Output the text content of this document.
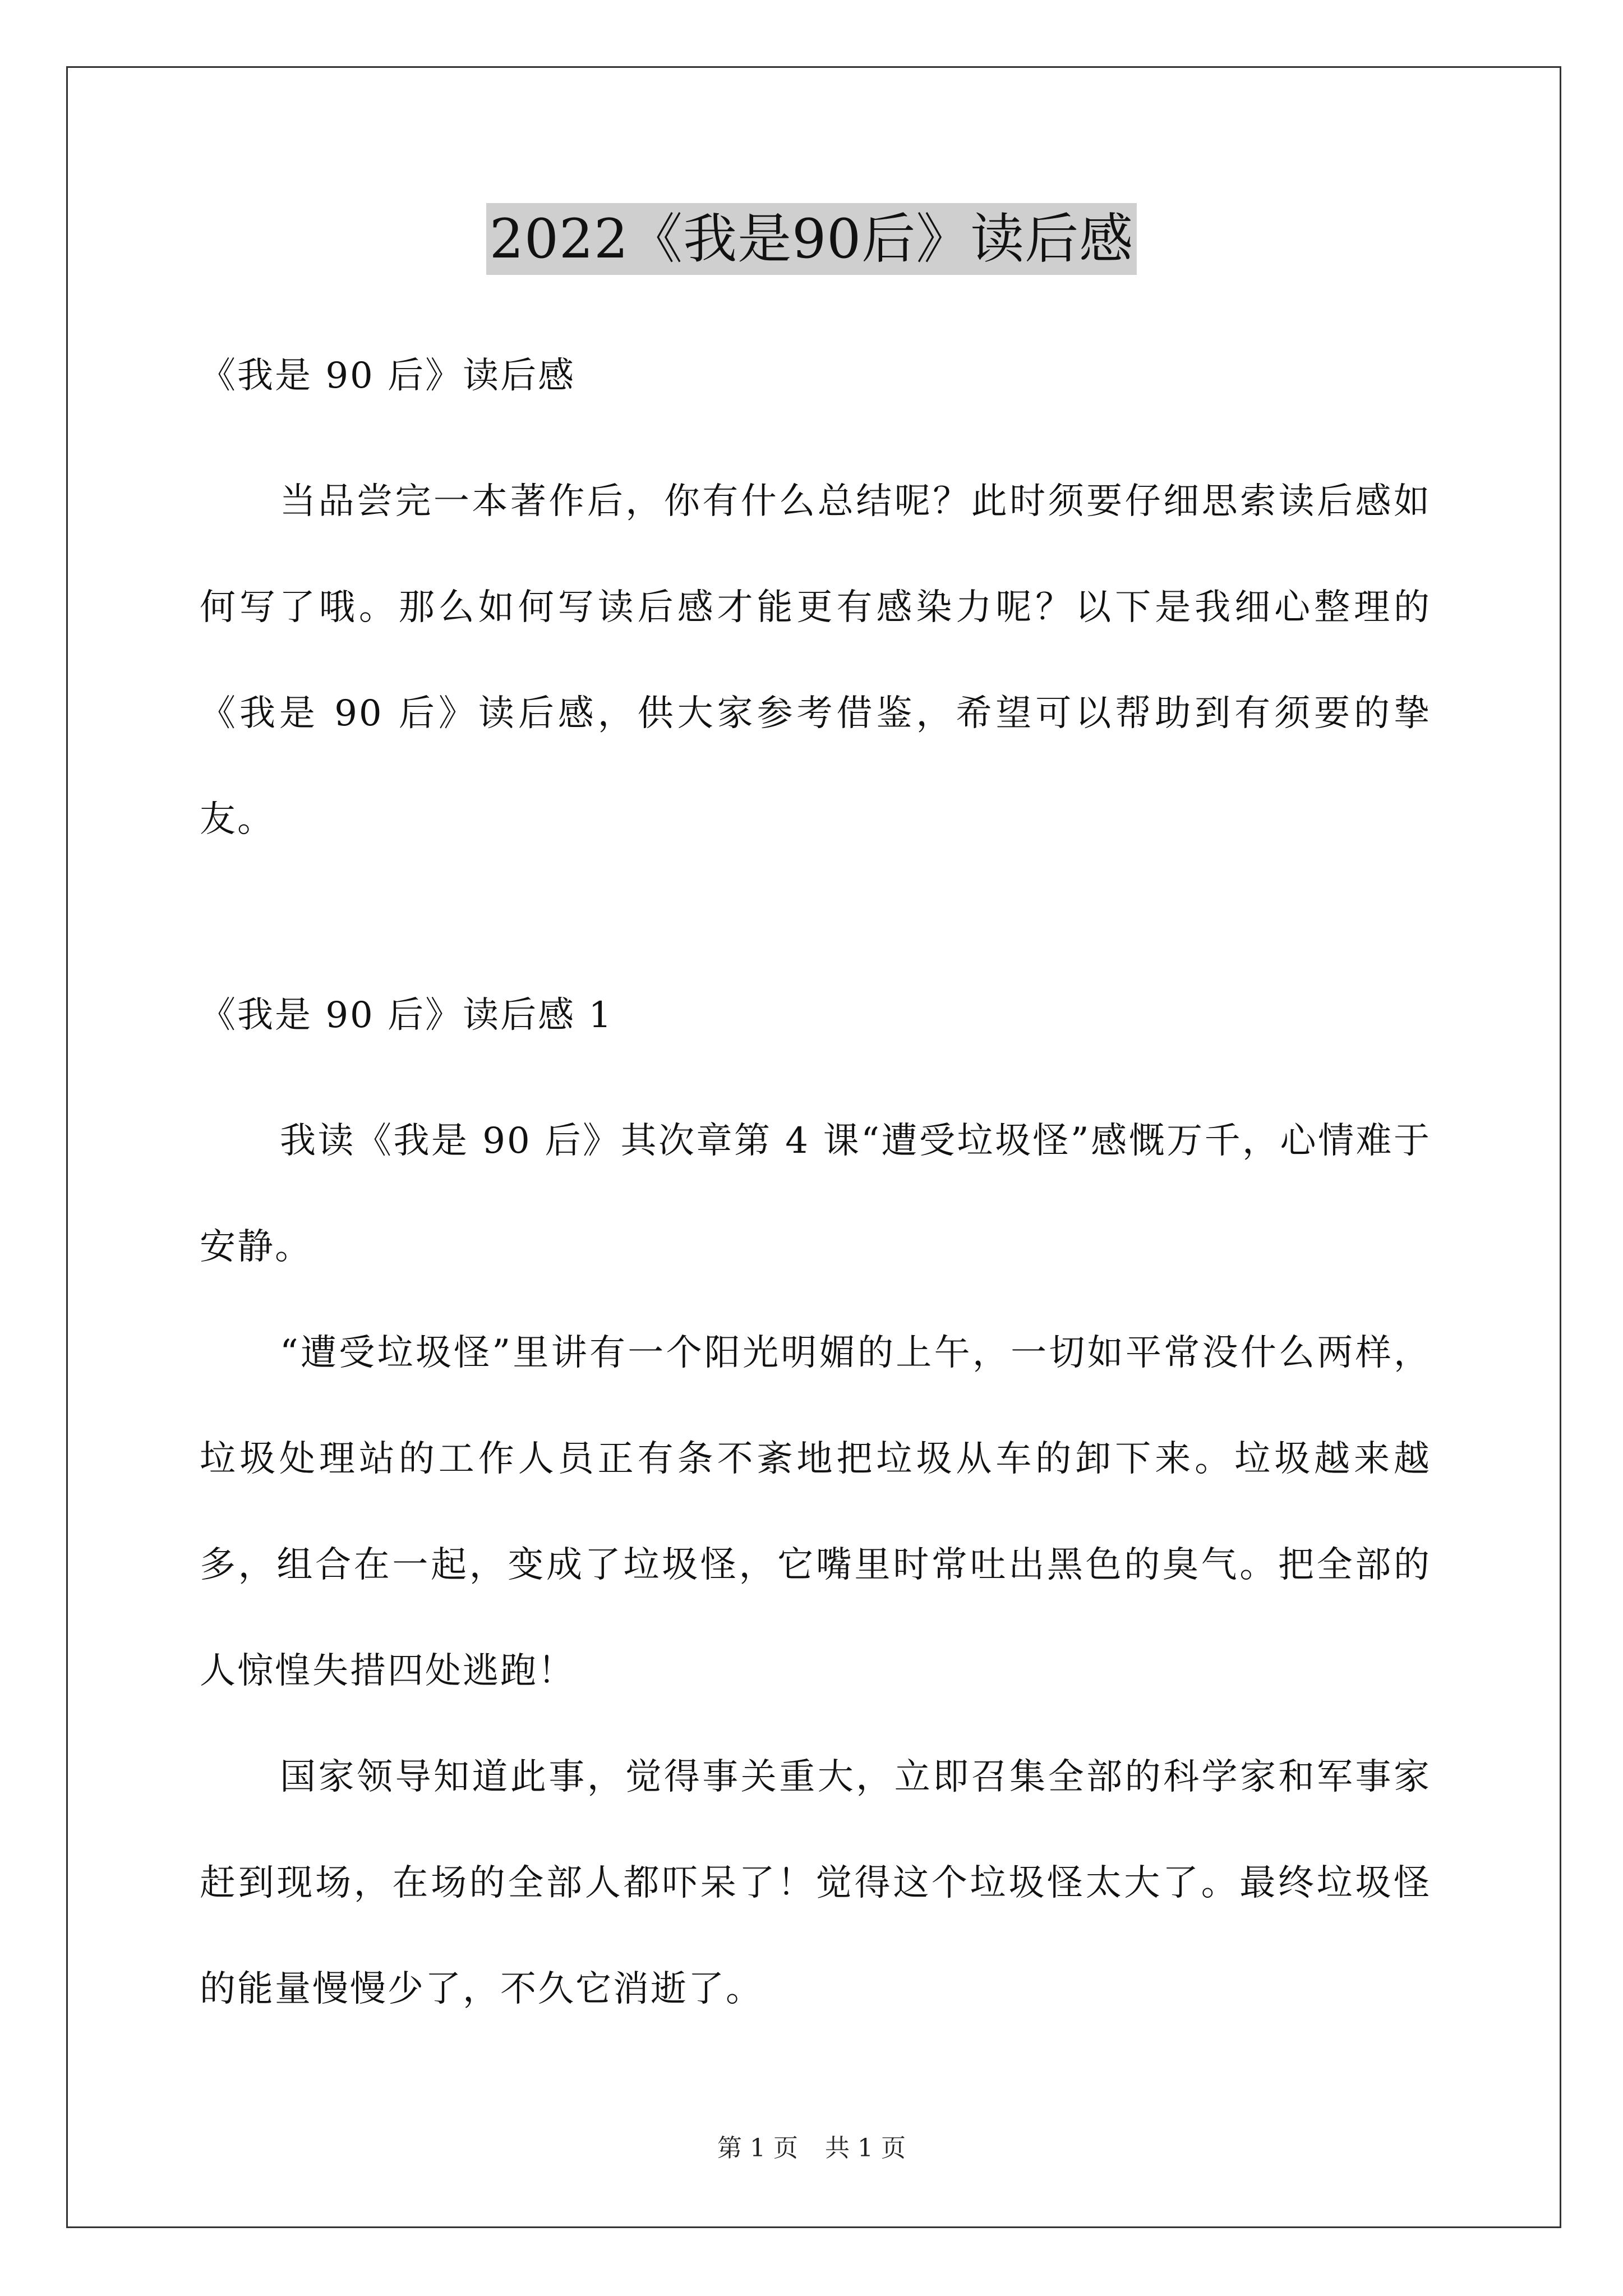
2022《我是90后》读后感
《我是 90 后》读后感
当品尝完一本著作后，你有什么总结呢？此时须要仔细思索读后感如何写了哦。那么如何写读后感才能更有感染力呢？以下是我细心整理的《我是 90 后》读后感，供大家参考借鉴，希望可以帮助到有须要的挚友。
《我是 90 后》读后感 1
我读《我是 90 后》其次章第 4 课“遭受垃圾怪”感慨万千，心情难于安静。
“遭受垃圾怪”里讲有一个阳光明媚的上午，一切如平常没什么两样，垃圾处理站的工作人员正有条不紊地把垃圾从车的卸下来。垃圾越来越多，组合在一起，变成了垃圾怪，它嘴里时常吐出黑色的臭气。把全部的人惊惶失措四处逃跑！
国家领导知道此事，觉得事关重大，立即召集全部的科学家和军事家赶到现场，在场的全部人都吓呆了！觉得这个垃圾怪太大了。最终垃圾怪的能量慢慢少了，不久它消逝了。
第 1 页 共 1 页
